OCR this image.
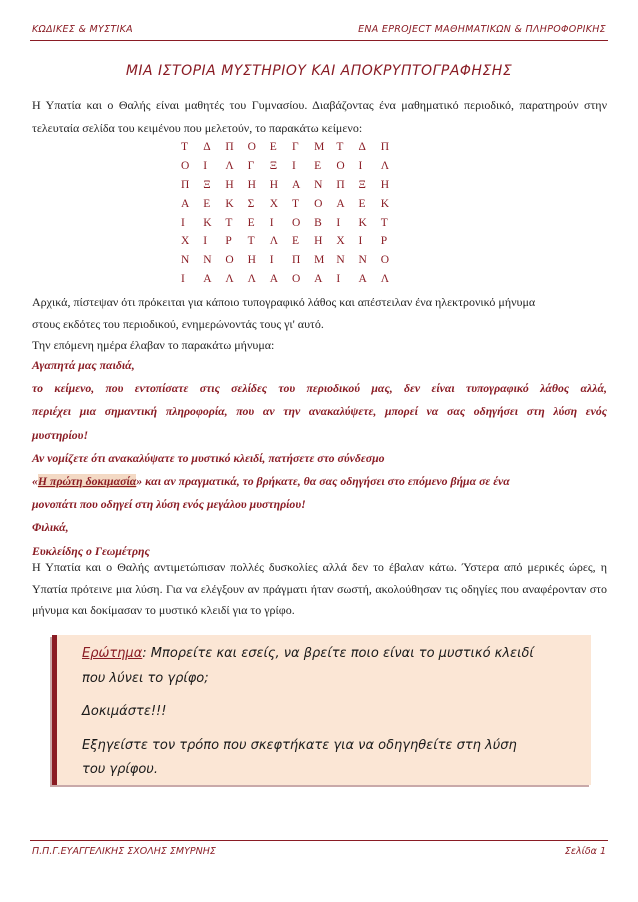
ΚΩΔΙΚΕΣ & ΜΥΣΤΙΚΑ	ΕΝΑ EPROJECT ΜΑΘΗΜΑΤΙΚΩΝ & ΠΛΗΡΟΦΟΡΙΚΗΣ
ΜΙΑ ΙΣΤΟΡΙΑ ΜΥΣΤΗΡΙΟΥ ΚΑΙ ΑΠΟΚΡΥΠΤΟΓΡΑΦΗΣΗΣ
Η Υπατία και ο Θαλής είναι μαθητές του Γυμνασίου. Διαβάζοντας ένα μαθηματικό περιοδικό, παρατηρούν στην τελευταία σελίδα του κειμένου που μελετούν, το παρακάτω κείμενο:
Τ	Δ	Π	Ο	Ε	Γ	Μ	Τ	Δ	Π
Ο	Ι	Λ	Γ	Ξ	Ι	Ε	Ο	Ι	Λ
Π	Ξ	Η	Η	Η	Α	Ν	Π	Ξ	Η
Α	Ε	Κ	Σ	Χ	Τ	Ο	Α	Ε	Κ
Ι	Κ	Τ	Ε	Ι	Ο	Β	Ι	Κ	Τ
Χ	Ι	Ρ	Τ	Λ	Ε	Η	Χ	Ι	Ρ
Ν	Ν	Ο	Η	Ι	Π	Μ	Ν	Ν	Ο
Ι	Α	Λ	Λ	Α	Ο	Α	Ι	Α	Λ
Αρχικά, πίστεψαν ότι πρόκειται για κάποιο τυπογραφικό λάθος και απέστειλαν ένα ηλεκτρονικό μήνυμα
στους εκδότες του περιοδικού, ενημερώνοντάς τους γι' αυτό.
Την επόμενη ημέρα έλαβαν το παρακάτω μήνυμα:
Αγαπητά μας παιδιά,
το κείμενο, που εντοπίσατε στις σελίδες του περιοδικού μας, δεν είναι τυπογραφικό λάθος αλλά,
περιέχει μια σημαντική πληροφορία, που αν την ανακαλύψετε, μπορεί να σας οδηγήσει στη λύση ενός
μυστηρίου!
Αν νομίζετε ότι ανακαλύψατε το μυστικό κλειδί, πατήσετε στο σύνδεσμο
«Η πρώτη δοκιμασία» και αν πραγματικά, το βρήκατε, θα σας οδηγήσει στο επόμενο βήμα σε ένα
μονοπάτι που οδηγεί στη λύση ενός μεγάλου μυστηρίου!
Φιλικά,
Ευκλείδης ο Γεωμέτρης
Η Υπατία και ο Θαλής αντιμετώπισαν πολλές δυσκολίες αλλά δεν το έβαλαν κάτω. Ύστερα από μερικές ώρες, η Υπατία πρότεινε μια λύση. Για να ελέγξουν αν πράγματι ήταν σωστή, ακολούθησαν τις οδηγίες που αναφέρονταν στο μήνυμα και δοκίμασαν το μυστικό κλειδί για το γρίφο.
Ερώτημα: Μπορείτε και εσείς, να βρείτε ποιο είναι το μυστικό κλειδί
που λύνει το γρίφο;
Δοκιμάστε!!!
Εξηγείστε τον τρόπο που σκεφτήκατε για να οδηγηθείτε στη λύση
του γρίφου.
Π.Π.Γ.ΕΥΑΓΓΕΛΙΚΗΣ ΣΧΟΛΗΣ ΣΜΥΡΝΗΣ	Σελίδα 1
